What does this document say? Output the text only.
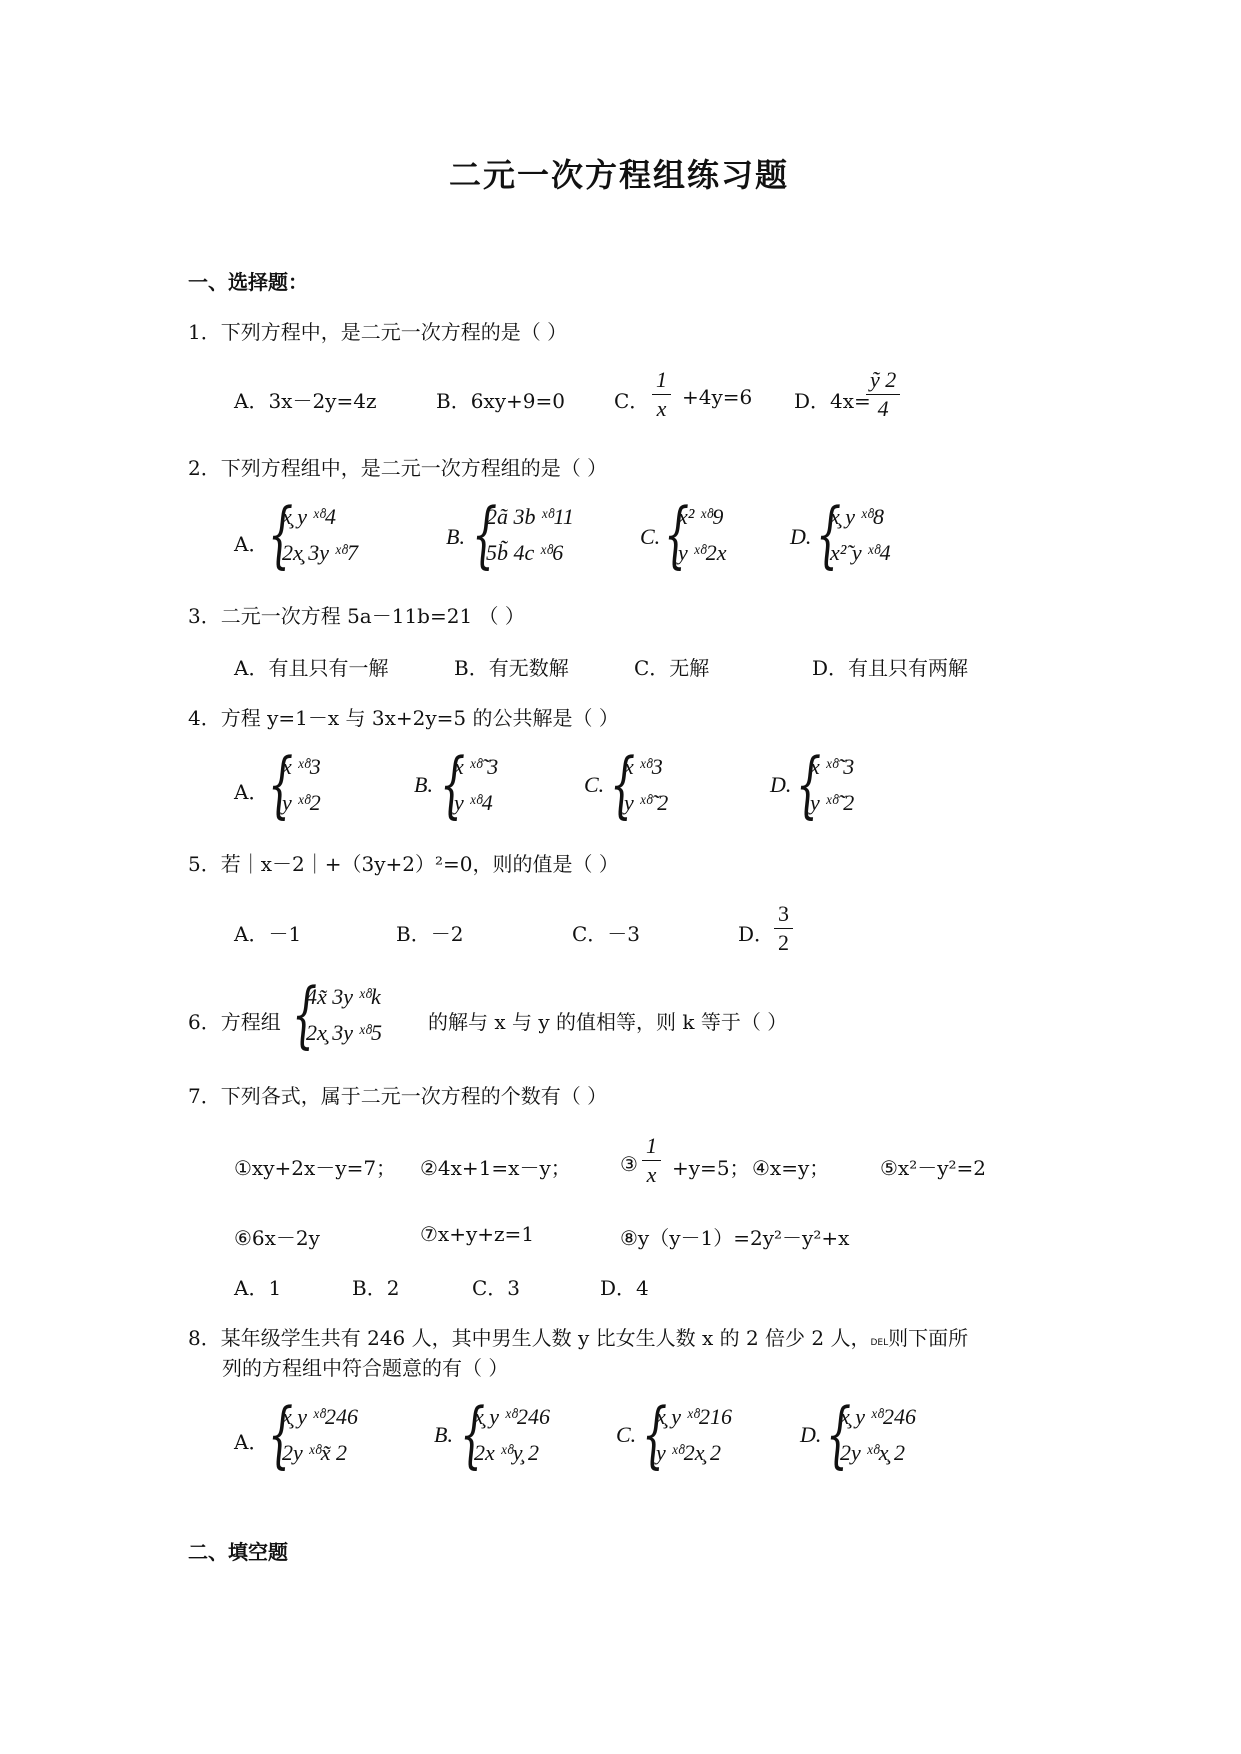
二元一次方程组练习题
一、选择题：
1．下列方程中，是二元一次方程的是（ ）
A．3x－2y=4z	B．6xy+9=0 C． $\frac{1}{x} +4y=6$ D．4x=
$\frac{\text{ỹ 2}}{4}$
2．下列方程组中，是二元一次方程组的是（ ）
A． {
x̧ y ˣ̊ᵒ4
2x̧ 3y ˣ̊ᵒ7
B. {
2ã 3b ˣ̊ᵒ11
5b̃ 4c ˣ̊ᵒ6
C. {
x² ˣ̊ᵒ9
y ˣ̊ᵒ2x
D. {
x̧ y ˣ̊ᵒ8
x²̃ y ˣ̊ᵒ4
3．二元一次方程 5a－11b=21 （ ）
A．有且只有一解	B．有无数解	C．无解	D．有且只有两解
4．方程 y=1－x 与 3x+2y=5 的公共解是（ ）
A． {
x ˣ̊ᵒ3
y ˣ̊ᵒ2
B. {
x ˣ̊ᵒ̃ 3
y ˣ̊ᵒ4
C. {
x ˣ̊ᵒ3
y ˣ̊ᵒ̃ 2
D. {
x ˣ̊ᵒ̃ 3
y ˣ̊ᵒ̃ 2
5．若｜x－2｜+（3y+2）²=0，则的值是（ ）
A．－1	B．－2	C．－3	D． $\frac{3}{2}$
6．方程组 {
4x̃ 3y ˣ̊ᵒk
2x̧ 3y ˣ̊ᵒ5 的解与 x 与 y 的值相等，则 k 等于（ ）
7．下列各式，属于二元一次方程的个数有（ ）
①xy+2x－y=7； ②4x+1=x－y； ③ $\frac{1}{x} +y=5$； ④x=y；	⑤x²－y²=2
⑥6x－2y	⑦x+y+z=1	⑧y（y－1）=2y²－y²+x
A．1	B．2	C．3	D．4
8．某年级学生共有 246 人，其中男生人数 y 比女生人数 x 的 2 倍少 2 人，DEL则下面所
列的方程组中符合题意的有（ ）
A． {
x̧ y ˣ̊ᵒ246
2y ˣ̊ᵒx̃ 2
B. {
x̧ y ˣ̊ᵒ246
2x ˣ̊ᵒy̧ 2
C. {
x̧ y ˣ̊ᵒ216
y ˣ̊ᵒ2x̧ 2
D. {
x̧ y ˣ̊ᵒ246
2y ˣ̊ᵒx̧ 2
二、填空题
